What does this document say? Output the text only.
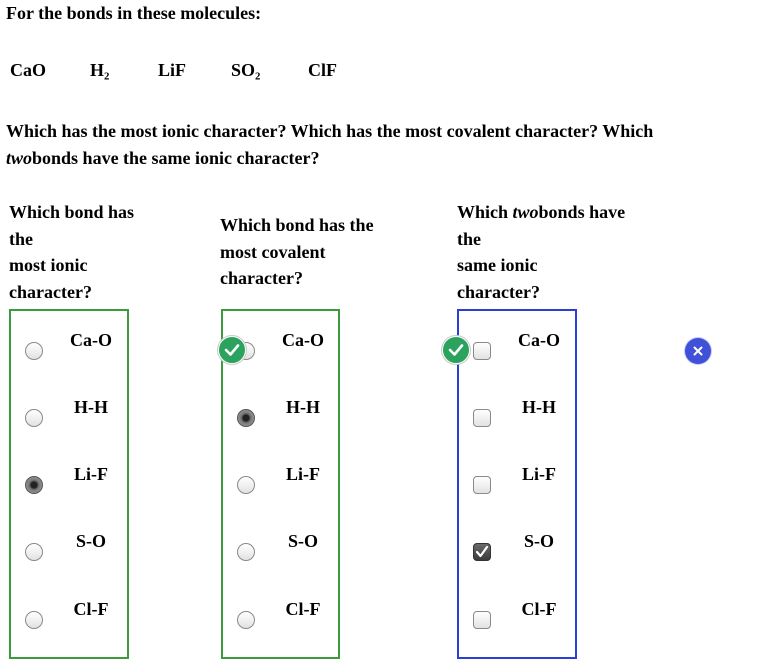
For the bonds in these molecules:
CaO H₂	LiF SO₂	ClF
Which has the most ionic character? Which has the most covalent character? Which
twobonds have the same ionic character?
Which bond has
the
most ionic
character?
Which bond has the
most covalent
character?
Which twobonds have
the
same ionic
character?
Ca-O
H-H
Li-F
S-O
Cl-F
Ca-O
H-H
Li-F
S-O
Cl-F
Ca-O
H-H
Li-F
S-O
Cl-F
